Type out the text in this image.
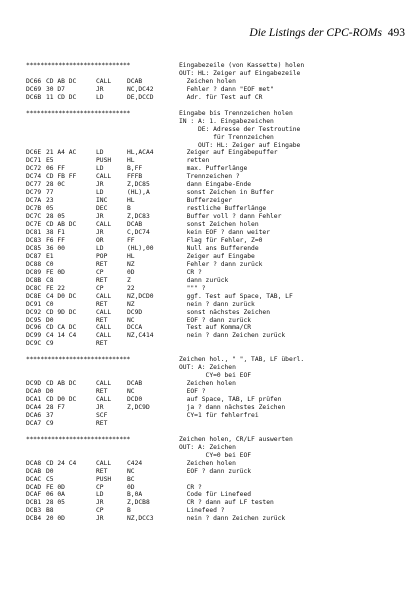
Die Listings der CPC-ROMs 493
*****************************	Eingabezeile (von Kassette) holen
OUT: HL: Zeiger auf Eingabezeile
DC66 CD AB DC	CALL	DCAB	Zeichen holen
DC69 30 D7	JR	NC,DC42	Fehler ? dann "EOF met"
DC6B 11 CD DC	LD	DE,DCCD	Adr. für Test auf CR
*****************************	Eingabe bis Trennzeichen holen
IN : A: 1. Eingabezeichen
DE: Adresse der Testroutine
für Trennzeichen
OUT: HL: Zeiger auf Eingabe
DC6E 21 A4 AC	LD	HL,ACA4	Zeiger auf Eingabepuffer
DC71 E5	PUSH	HL	retten
DC72 06 FF	LD	B,FF	max. Pufferlänge
DC74 CD FB FF	CALL	FFFB	Trennzeichen ?
DC77 28 0C	JR	Z,DC85	dann Eingabe-Ende
DC79 77	LD	(HL),A	sonst Zeichen in Buffer
DC7A 23	INC	HL	Bufferzeiger
DC7B 05	DEC	B	restliche Bufferlänge
DC7C 28 05	JR	Z,DC83	Buffer voll ? dann Fehler
DC7E CD AB DC	CALL	DCAB	sonst Zeichen holen
DC81 38 F1	JR	C,DC74	kein EOF ? dann weiter
DC83 F6 FF	OR	FF	Flag für Fehler, Z=0
DC85 36 00	LD	(HL),00	Null ans Bufferende
DC87 E1	POP	HL	Zeiger auf Eingabe
DC88 C0	RET	NZ	Fehler ? dann zurück
DC89 FE 0D	CP	0D	CR ?
DC8B C8	RET	Z	dann zurück
DC8C FE 22	CP	22	""" ?
DC8E C4 D0 DC	CALL	NZ,DCD0	ggf. Test auf Space, TAB, LF
DC91 C0	RET	NZ	nein ? dann zurück
DC92 CD 9D DC	CALL	DC9D	sonst nächstes Zeichen
DC95 D0	RET	NC	EOF ? dann zurück
DC96 CD CA DC	CALL	DCCA	Test auf Komma/CR
DC99 C4 14 C4	CALL	NZ,C414	nein ? dann Zeichen zurück
DC9C C9	RET
*****************************	Zeichen hol., " ", TAB, LF überl.
OUT: A: Zeichen
CY=0 bei EOF
DC9D CD AB DC	CALL	DCAB	Zeichen holen
DCA0 D0	RET	NC	EOF ?
DCA1 CD D0 DC	CALL	DCD0	auf Space, TAB, LF prüfen
DCA4 28 F7	JR	Z,DC9D	ja ? dann nächstes Zeichen
DCA6 37	SCF	CY=1 für fehlerfrei
DCA7 C9	RET
*****************************	Zeichen holen, CR/LF auswerten
OUT: A: Zeichen
CY=0 bei EOF
DCA8 CD 24 C4	CALL	C424	Zeichen holen
DCAB D0	RET	NC	EOF ? dann zurück
DCAC C5	PUSH	BC
DCAD FE 0D	CP	0D	CR ?
DCAF 06 0A	LD	B,0A	Code für Linefeed
DCB1 28 05	JR	Z,DCB8	CR ? dann auf LF testen
DCB3 B8	CP	B	Linefeed ?
DCB4 20 0D	JR	NZ,DCC3	nein ? dann Zeichen zurück
